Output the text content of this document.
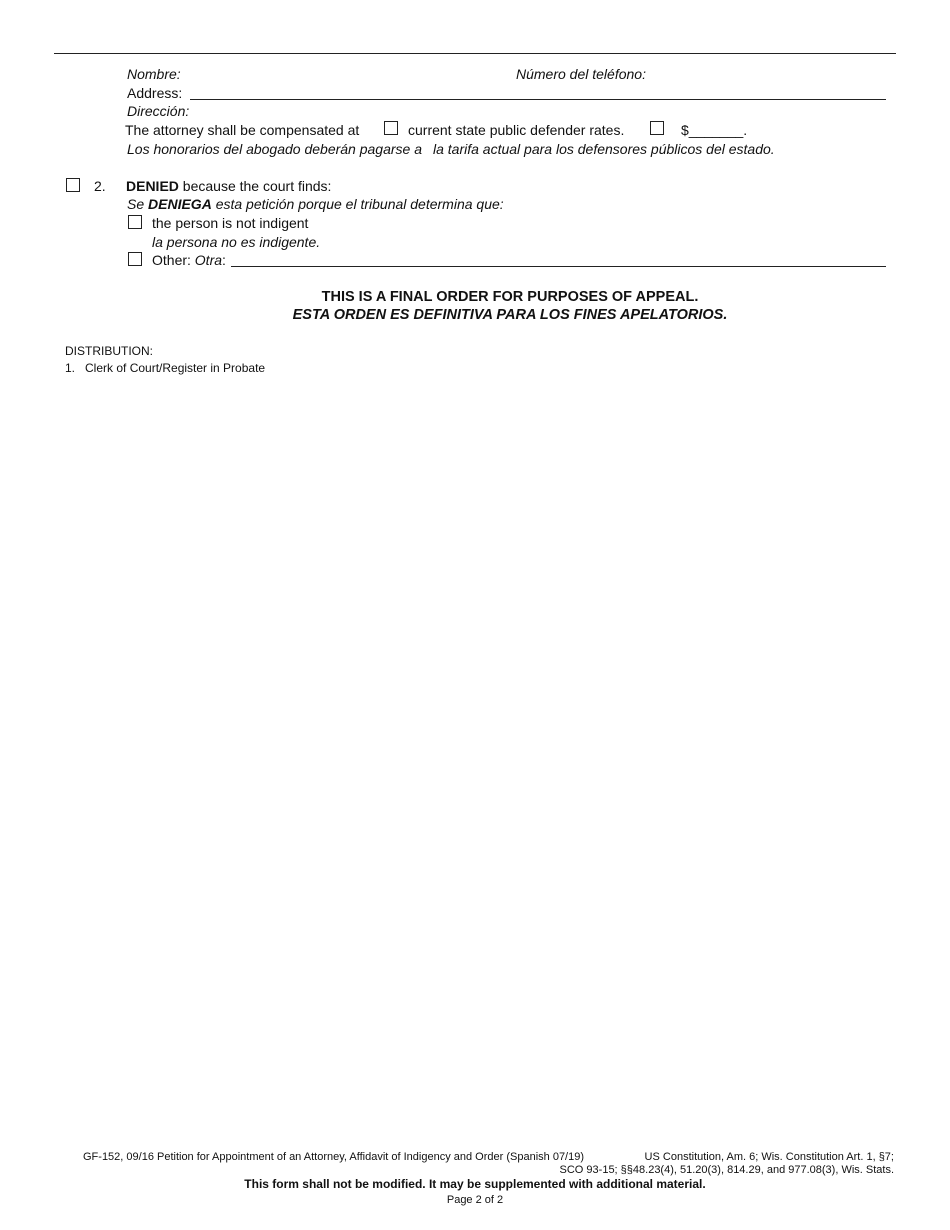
Nombre:	Número del teléfono:
Address:
Dirección:
The attorney shall be compensated at	current state public defender rates.	$_______.
Los honorarios del abogado deberán pagarse a la tarifa actual para los defensores públicos del estado.
2. DENIED because the court finds:
Se DENIEGA esta petición porque el tribunal determina que:
the person is not indigent
la persona no es indigente.
Other: Otra:
THIS IS A FINAL ORDER FOR PURPOSES OF APPEAL.
ESTA ORDEN ES DEFINITIVA PARA LOS FINES APELATORIOS.
DISTRIBUTION:
1.   Clerk of Court/Register in Probate
GF-152, 09/16 Petition for Appointment of an Attorney, Affidavit of Indigency and Order (Spanish 07/19)	US Constitution, Am. 6; Wis. Constitution Art. 1, §7;
SCO 93-15; §§48.23(4), 51.20(3), 814.29, and 977.08(3), Wis. Stats.
This form shall not be modified. It may be supplemented with additional material.
Page 2 of 2
